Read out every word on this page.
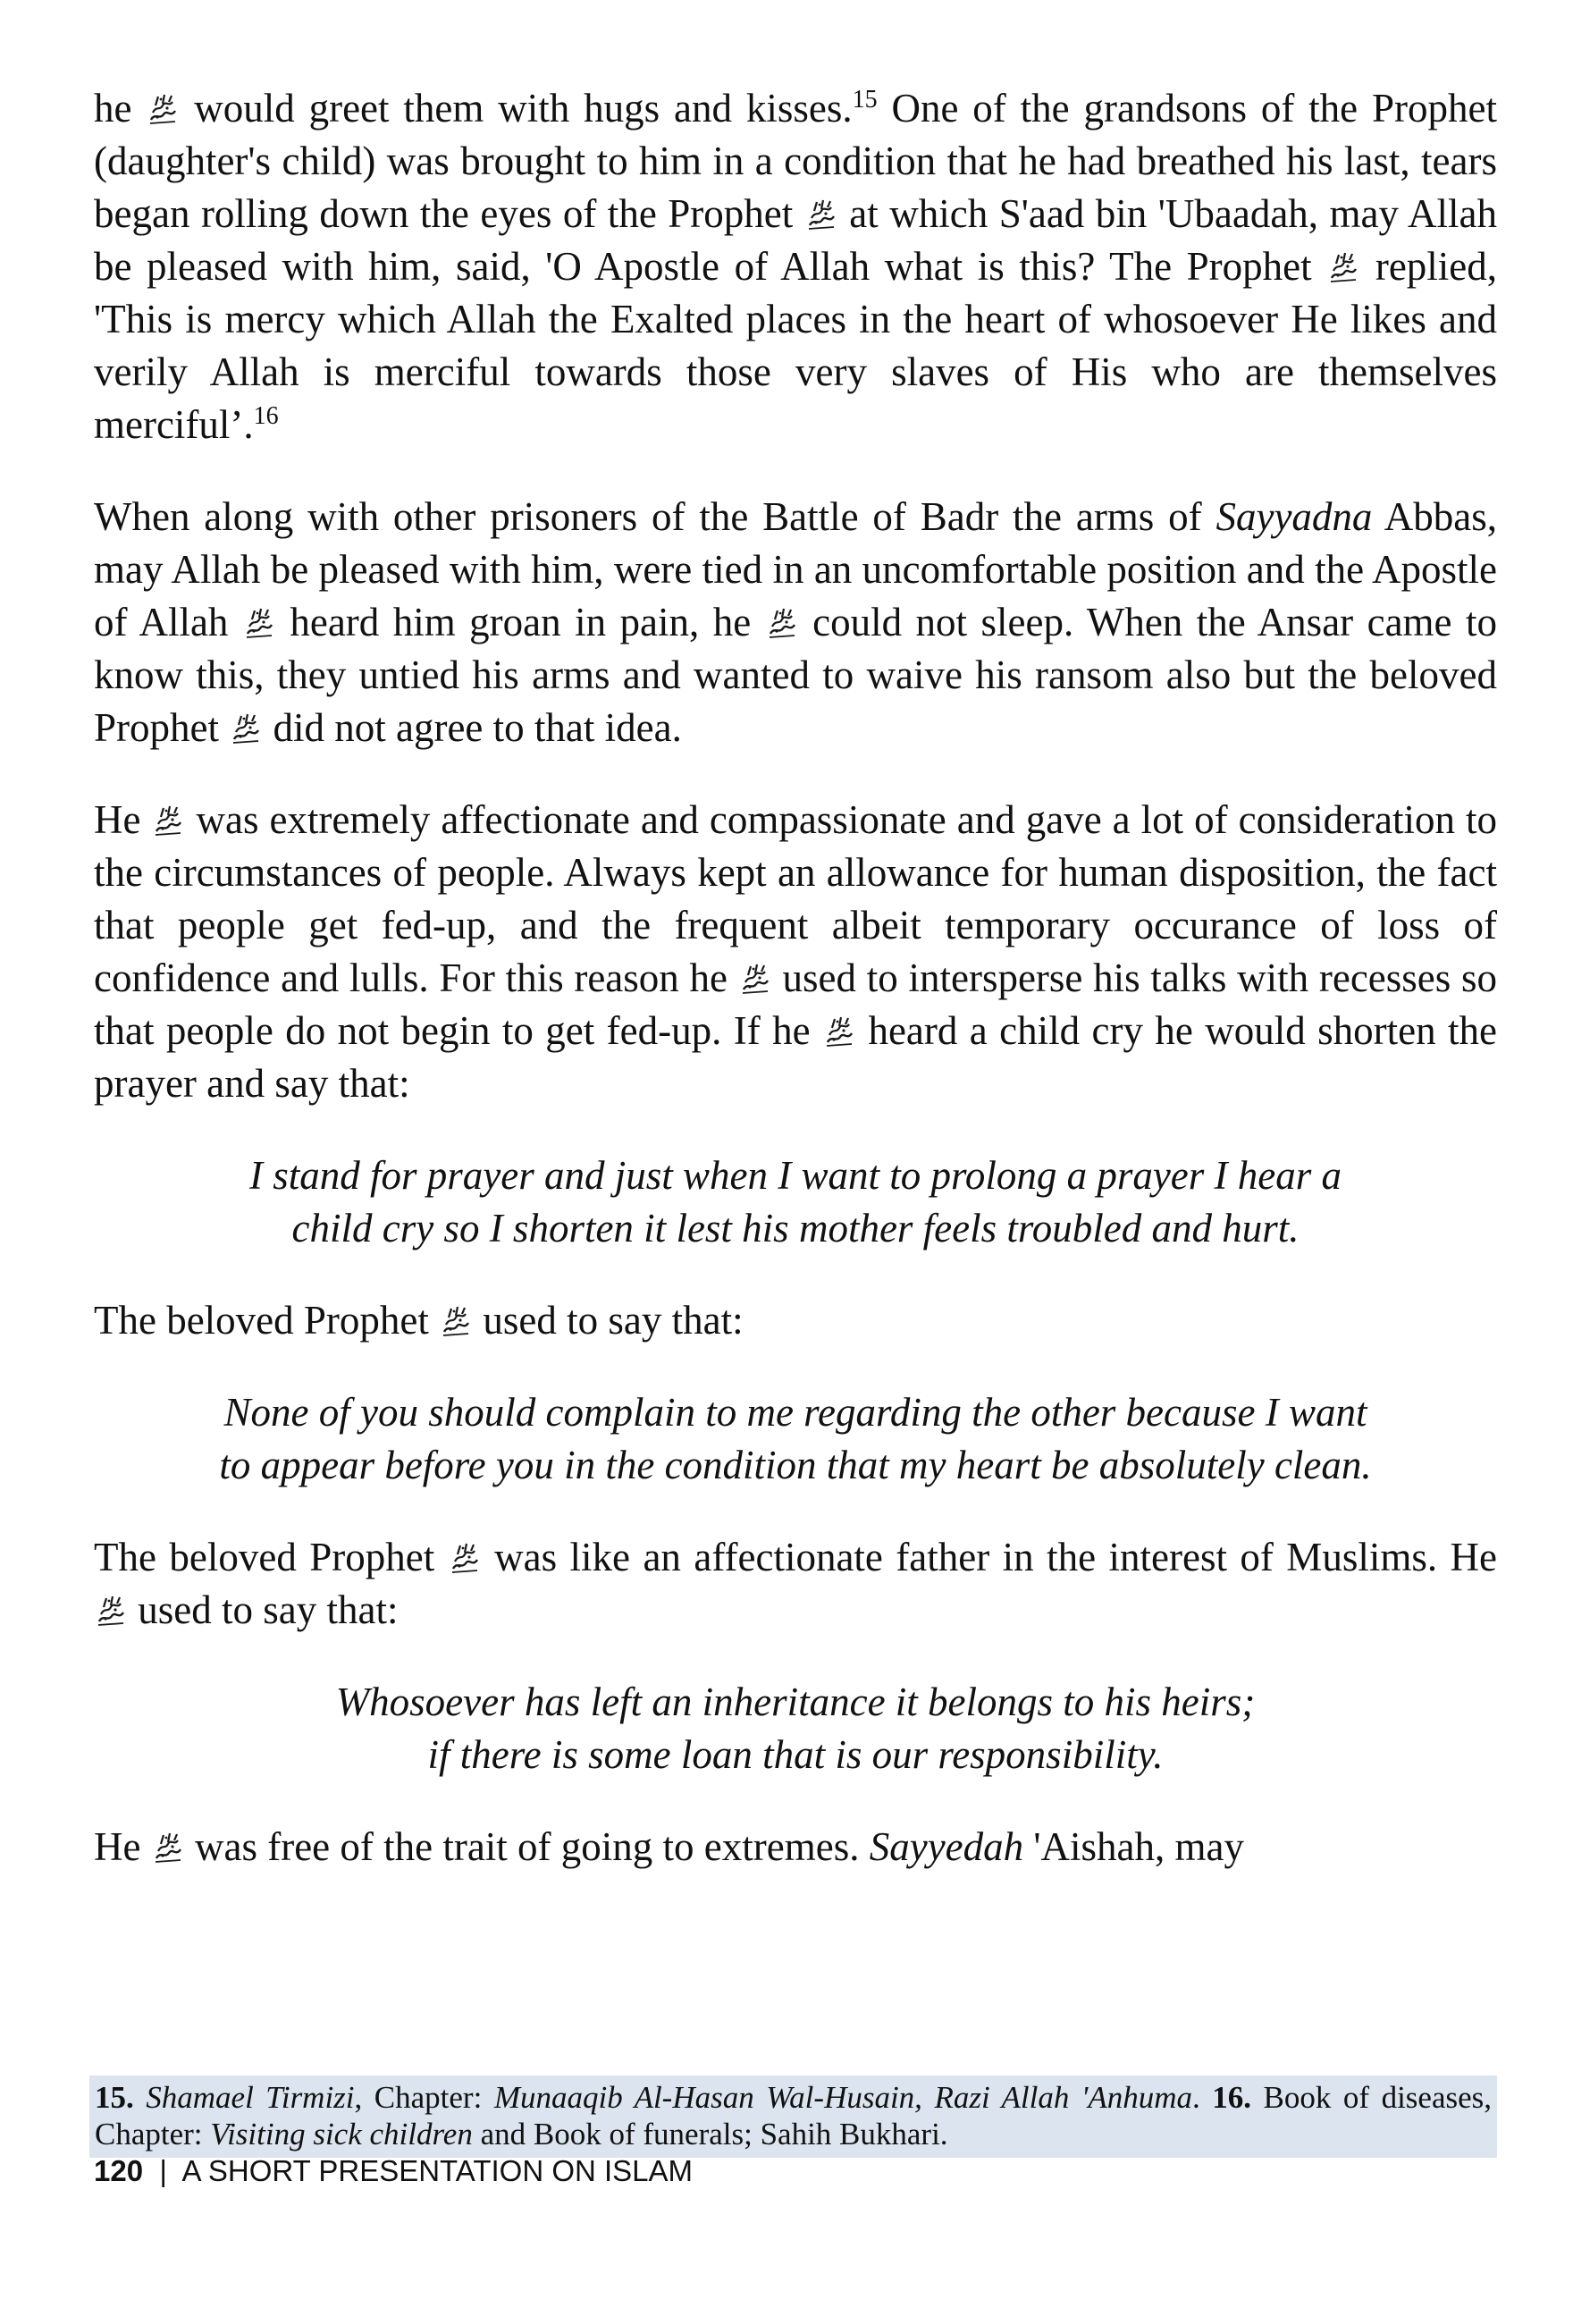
he would greet them with hugs and kisses.$^{15}$ One of the grandsons of the Prophet (daughter's child) was brought to him in a condition that he had breathed his last, tears began rolling down the eyes of the Prophet at which S'aad bin 'Ubaadah, may Allah be pleased with him, said, 'O Apostle of Allah what is this? The Prophet replied, 'This is mercy which Allah the Exalted places in the heart of whosoever He likes and verily Allah is merciful towards those very slaves of His who are themselves merciful’.$^{16}$

When along with other prisoners of the Battle of Badr the arms of Sayyadna Abbas, may Allah be pleased with him, were tied in an uncomfortable position and the Apostle of Allah heard him groan in pain, he could not sleep. When the Ansar came to know this, they untied his arms and wanted to waive his ransom also but the beloved Prophet did not agree to that idea.

He was extremely affectionate and compassionate and gave a lot of consideration to the circumstances of people. Always kept an allowance for human disposition, the fact that people get fed-up, and the frequent albeit temporary occurance of loss of confidence and lulls. For this reason he used to intersperse his talks with recesses so that people do not begin to get fed-up. If he heard a child cry he would shorten the prayer and say that:

I stand for prayer and just when I want to prolong a prayer I hear a
child cry so I shorten it lest his mother feels troubled and hurt.

The beloved Prophet used to say that:

None of you should complain to me regarding the other because I want
to appear before you in the condition that my heart be absolutely clean.

The beloved Prophet was like an affectionate father in the interest of Muslims. He  used to say that:

Whosoever has left an inheritance it belongs to his heirs;
if there is some loan that is our responsibility.

He was free of the trait of going to extremes. Sayyedah 'Aishah, may

15. Shamael Tirmizi, Chapter: Munaaqib Al-Hasan Wal-Husain, Razi Allah 'Anhuma. 16. Book of diseases, Chapter: Visiting sick children and Book of funerals; Sahih Bukhari.
120 | A SHORT PRESENTATION ON ISLAM
